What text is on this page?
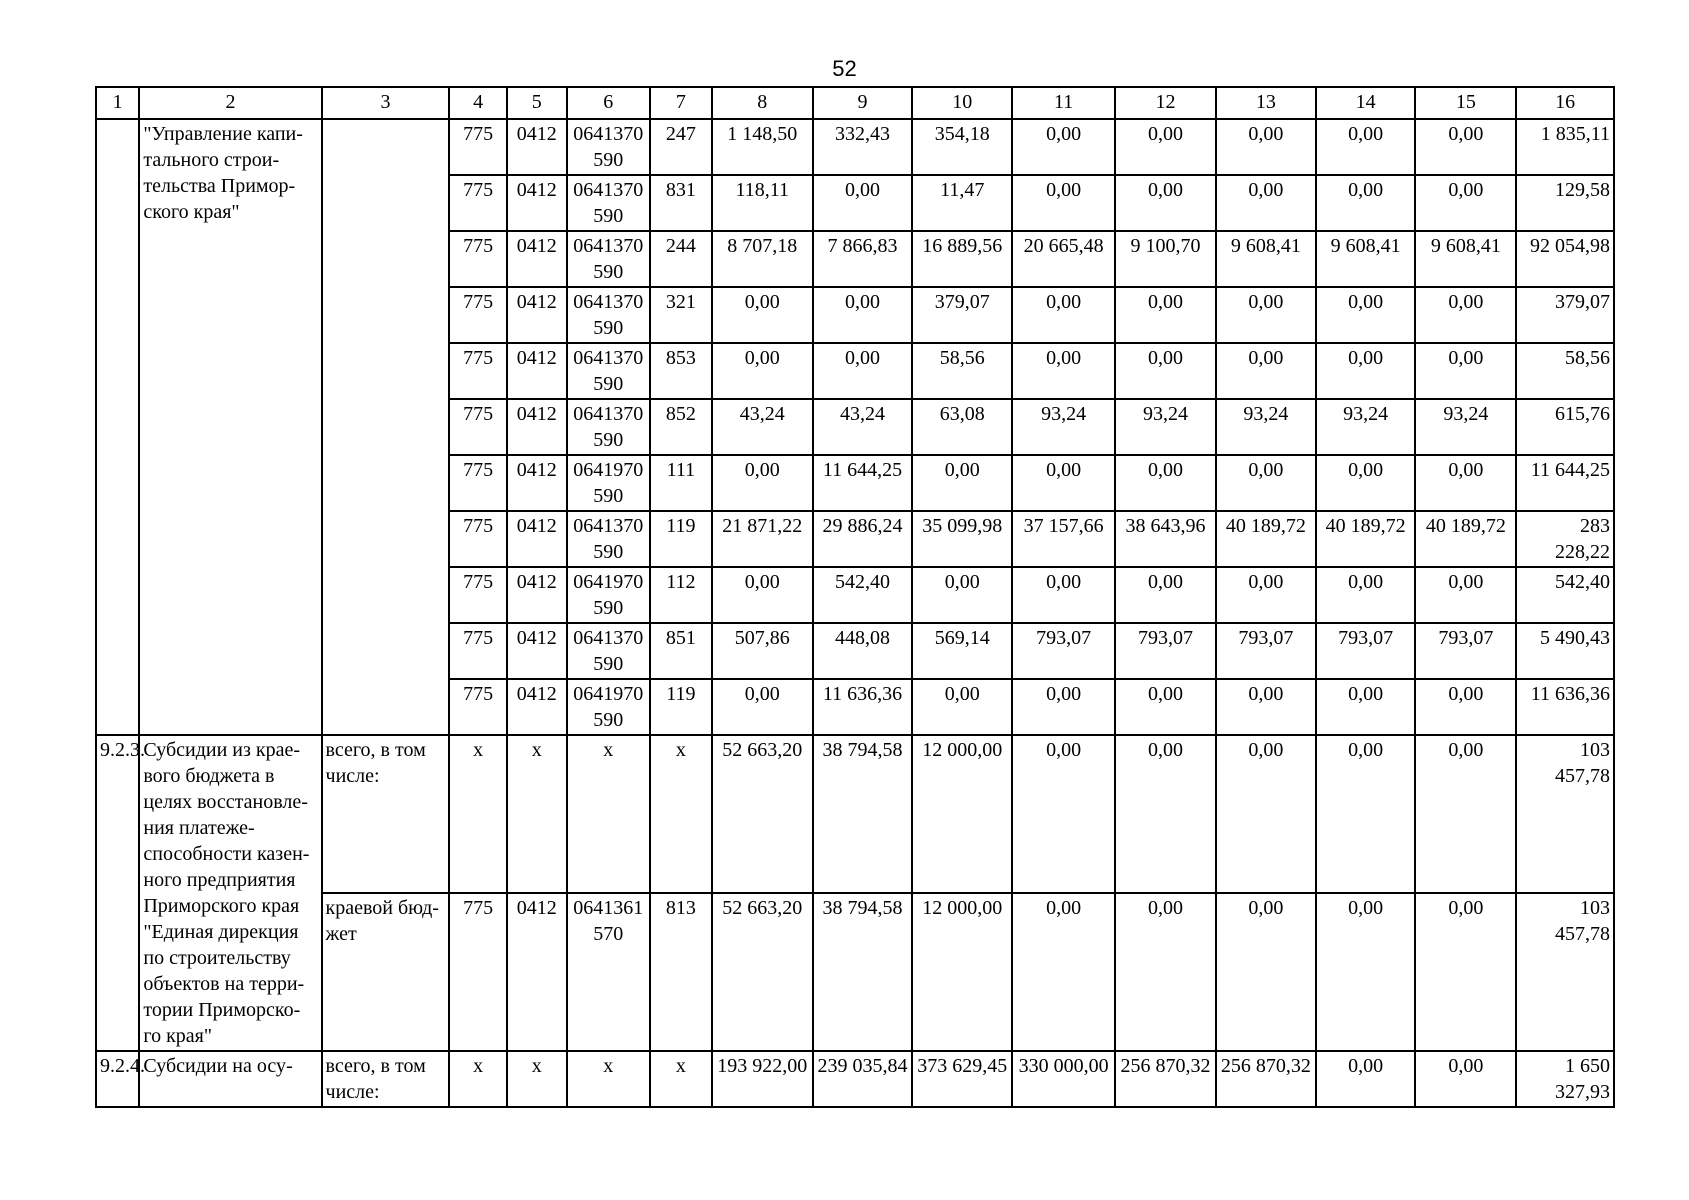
52
1	2	3	4	5	6	7	8	9	10	11	12	13	14	15	16
	"Управление капи-тального строи-тельства Примор-ского края"		775	0412	0641370590	247	1 148,50	332,43	354,18	0,00	0,00	0,00	0,00	0,00	1 835,11
			775	0412	0641370590	831	118,11	0,00	11,47	0,00	0,00	0,00	0,00	0,00	129,58
			775	0412	0641370590	244	8 707,18	7 866,83	16 889,56	20 665,48	9 100,70	9 608,41	9 608,41	9 608,41	92 054,98
			775	0412	0641370590	321	0,00	0,00	379,07	0,00	0,00	0,00	0,00	0,00	379,07
			775	0412	0641370590	853	0,00	0,00	58,56	0,00	0,00	0,00	0,00	0,00	58,56
			775	0412	0641370590	852	43,24	43,24	63,08	93,24	93,24	93,24	93,24	93,24	615,76
			775	0412	0641970590	111	0,00	11 644,25	0,00	0,00	0,00	0,00	0,00	0,00	11 644,25
			775	0412	0641370590	119	21 871,22	29 886,24	35 099,98	37 157,66	38 643,96	40 189,72	40 189,72	40 189,72	283 228,22
			775	0412	0641970590	112	0,00	542,40	0,00	0,00	0,00	0,00	0,00	0,00	542,40
			775	0412	0641370590	851	507,86	448,08	569,14	793,07	793,07	793,07	793,07	793,07	5 490,43
			775	0412	0641970590	119	0,00	11 636,36	0,00	0,00	0,00	0,00	0,00	0,00	11 636,36
9.2.3.	Субсидии из крае-вого бюджета в целях восстановле-ния платеже-способности казен-ного предприятия Приморского края "Единая дирекция по строительству объектов на терри-тории Приморско-го края"	всего, в том числе:	x	x	x	x	52 663,20	38 794,58	12 000,00	0,00	0,00	0,00	0,00	0,00	103 457,78
		краевой бюд-жет	775	0412	0641361570	813	52 663,20	38 794,58	12 000,00	0,00	0,00	0,00	0,00	0,00	103 457,78
9.2.4.	Субсидии на осу-	всего, в том числе:	x	x	x	x	193 922,00	239 035,84	373 629,45	330 000,00	256 870,32	256 870,32	0,00	0,00	1 650 327,93
